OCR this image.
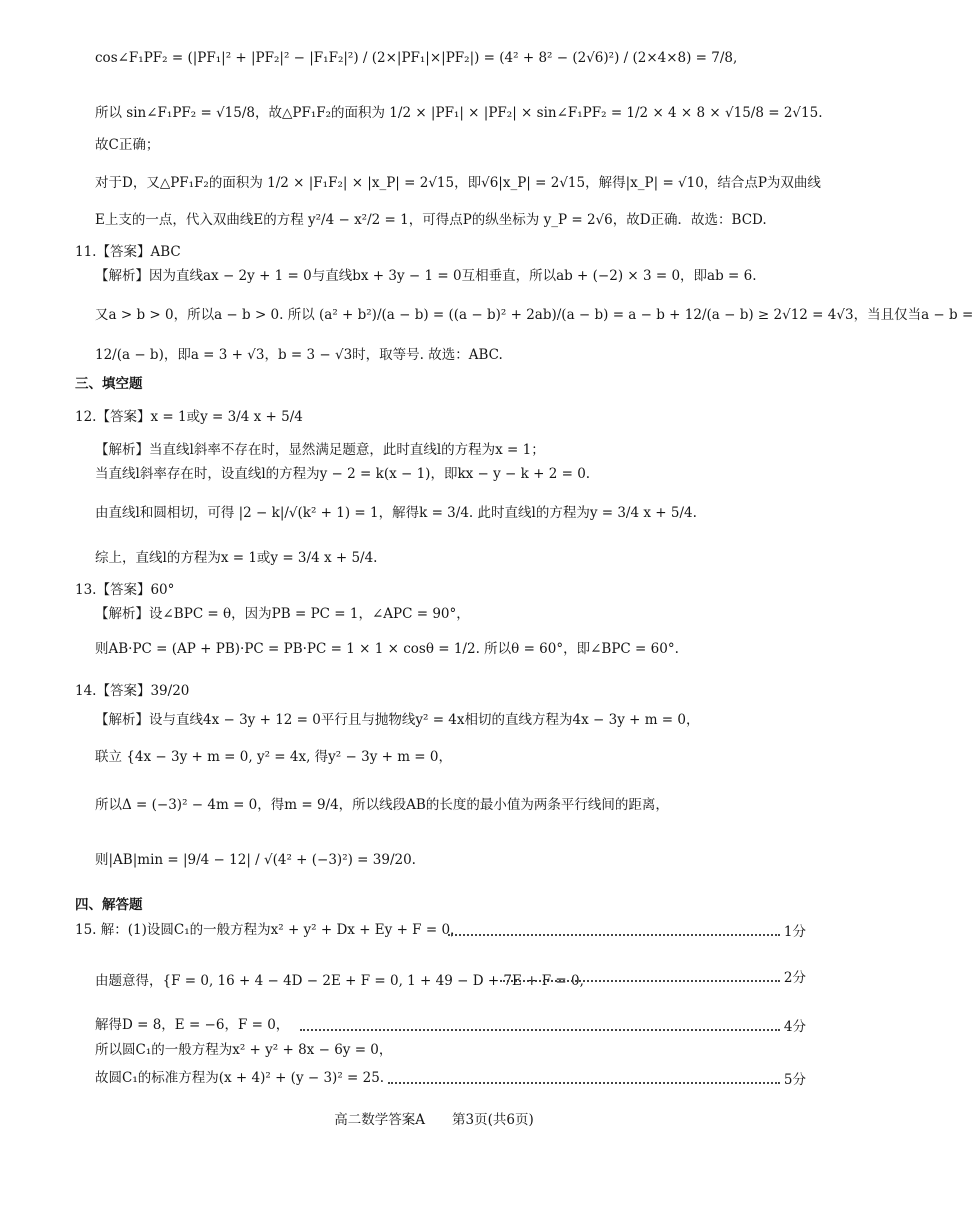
cos∠F₁PF₂ = (|PF₁|² + |PF₂|² − |F₁F₂|²) / (2×|PF₁|×|PF₂|) = (4² + 8² − (2√6)²) / (2×4×8) = 7/8,
所以 sin∠F₁PF₂ = √15/8，故△PF₁F₂的面积为 1/2 × |PF₁| × |PF₂| × sin∠F₁PF₂ = 1/2 × 4 × 8 × √15/8 = 2√15.
故C正确；
对于D，又△PF₁F₂的面积为 1/2 × |F₁F₂| × |x_P| = 2√15，即√6|x_P| = 2√15，解得|x_P| = √10，结合点P为双曲线
E上支的一点，代入双曲线E的方程 y²/4 − x²/2 = 1，可得点P的纵坐标为 y_P = 2√6，故D正确．故选：BCD.
11.【答案】ABC
【解析】因为直线ax − 2y + 1 = 0与直线bx + 3y − 1 = 0互相垂直，所以ab + (−2) × 3 = 0，即ab = 6.
又a > b > 0，所以a − b > 0. 所以 (a² + b²)/(a − b) = ((a − b)² + 2ab)/(a − b) = a − b + 12/(a − b) ≥ 2√12 = 4√3，当且仅当a − b =
12/(a − b)，即a = 3 + √3，b = 3 − √3时，取等号. 故选：ABC.
三、填空题
12.【答案】x = 1或y = 3/4 x + 5/4
【解析】当直线l斜率不存在时，显然满足题意，此时直线l的方程为x = 1；
当直线l斜率存在时，设直线l的方程为y − 2 = k(x − 1)，即kx − y − k + 2 = 0.
由直线l和圆相切，可得 |2 − k|/√(k² + 1) = 1，解得k = 3/4. 此时直线l的方程为y = 3/4 x + 5/4.
综上，直线l的方程为x = 1或y = 3/4 x + 5/4.
13.【答案】60°
【解析】设∠BPC = θ，因为PB = PC = 1，∠APC = 90°，
则AB·PC = (AP + PB)·PC = PB·PC = 1 × 1 × cosθ = 1/2. 所以θ = 60°，即∠BPC = 60°.
14.【答案】39/20
【解析】设与直线4x − 3y + 12 = 0平行且与抛物线y² = 4x相切的直线方程为4x − 3y + m = 0，
联立 {4x − 3y + m = 0, y² = 4x, 得y² − 3y + m = 0，
所以Δ = (−3)² − 4m = 0，得m = 9/4，所以线段AB的长度的最小值为两条平行线间的距离，
则|AB|min = |9/4 − 12| / √(4² + (−3)²) = 39/20.
四、解答题
15. 解：(1)设圆C₁的一般方程为x² + y² + Dx + Ey + F = 0，	1分
由题意得，{F = 0, 16 + 4 − 4D − 2E + F = 0, 1 + 49 − D + 7E + F = 0,	2分
解得D = 8，E = −6，F = 0，	4分
所以圆C₁的一般方程为x² + y² + 8x − 6y = 0，
故圆C₁的标准方程为(x + 4)² + (y − 3)² = 25.	5分
高二数学答案A　　第3页(共6页)
